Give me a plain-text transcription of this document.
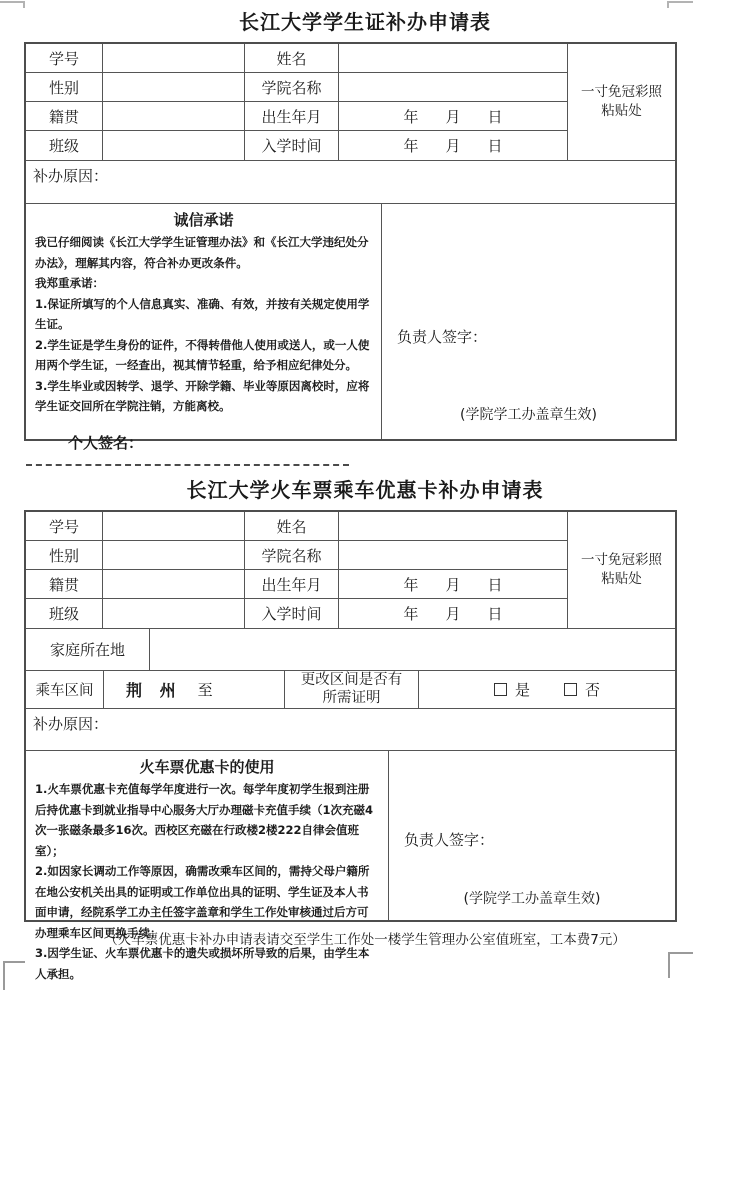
长江大学学生证补办申请表
学号	姓名
一寸免冠彩照
粘贴处
性别	学院名称
籍贯	出生年月	年 月 日
班级	入学时间	年 月 日
补办原因：
诚信承诺
我已仔细阅读《长江大学学生证管理办法》和《长江大学违纪处分办法》，理解其内容，符合补办更改条件。
我郑重承诺：
1.保证所填写的个人信息真实、准确、有效，并按有关规定使用学生证。
2.学生证是学生身份的证件，不得转借他人使用或送人，或一人使用两个学生证，一经查出，视其情节轻重，给予相应纪律处分。
3.学生毕业或因转学、退学、开除学籍、毕业等原因离校时，应将学生证交回所在学院注销，方能离校。
个人签名：
负责人签字：
(学院学工办盖章生效)
长江大学火车票乘车优惠卡补办申请表
学号	姓名
一寸免冠彩照
粘贴处
性别	学院名称
籍贯	出生年月	年 月 日
班级	入学时间	年 月 日
家庭所在地
乘车区间	荆 州 至
更改区间是否有
所需证明	是	否
补办原因：
火车票优惠卡的使用
1.火车票优惠卡充值每学年度进行一次。每学年度初学生报到注册后持优惠卡到就业指导中心服务大厅办理磁卡充值手续（1次充磁4次一张磁条最多16次。西校区充磁在行政楼2楼222自律会值班室）；
2.如因家长调动工作等原因，确需改乘车区间的，需持父母户籍所在地公安机关出具的证明或工作单位出具的证明、学生证及本人书面申请，经院系学工办主任签字盖章和学生工作处审核通过后方可办理乘车区间更换手续；
3.因学生证、火车票优惠卡的遗失或损坏所导致的后果，由学生本人承担。
负责人签字：
(学院学工办盖章生效)
（火车票优惠卡补办申请表请交至学生工作处一楼学生管理办公室值班室，工本费7元）
